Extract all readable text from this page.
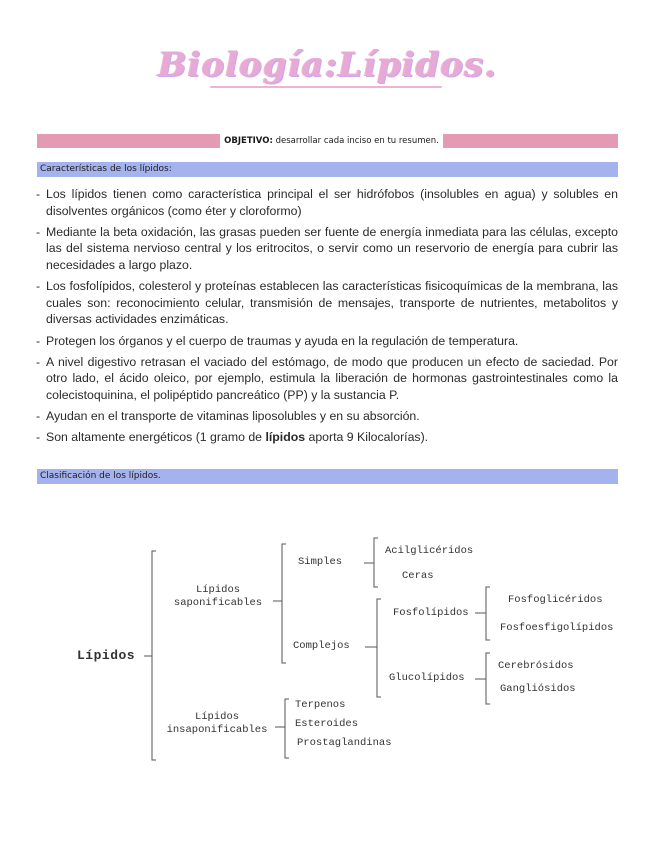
Biología:Lípidos.
OBJETIVO: desarrollar cada inciso en tu resumen.
Características de los lípidos:
- Los lípidos tienen como característica principal el ser hidrófobos (insolubles en agua) y solubles en disolventes orgánicos (como éter y cloroformo)
- Mediante la beta oxidación, las grasas pueden ser fuente de energía inmediata para las células, excepto las del sistema nervioso central y los eritrocitos, o servir como un reservorio de energía para cubrir las necesidades a largo plazo.
- Los fosfolípidos, colesterol y proteínas establecen las características fisicoquímicas de la membrana, las cuales son: reconocimiento celular, transmisión de mensajes, transporte de nutrientes, metabolitos y diversas actividades enzimáticas.
- Protegen los órganos y el cuerpo de traumas y ayuda en la regulación de temperatura.
- A nivel digestivo retrasan el vaciado del estómago, de modo que producen un efecto de saciedad. Por otro lado, el ácido oleico, por ejemplo, estimula la liberación de hormonas gastrointestinales como la colecistoquinina, el polipéptido pancreático (PP) y la sustancia P.
- Ayudan en el transporte de vitaminas liposolubles y en su absorción.
- Son altamente energéticos (1 gramo de lípidos aporta 9 Kilocalorías).
Clasificación de los lípidos.
Lípidos
Lípidos
saponificables
Lípidos
insaponificables
Simples
Complejos
Acilglicéridos
Ceras
Fosfolípidos
Glucolípidos
Fosfoglicéridos
Fosfoesfigolípidos
Cerebrósidos
Gangliósidos
Terpenos
Esteroides
Prostaglandinas
